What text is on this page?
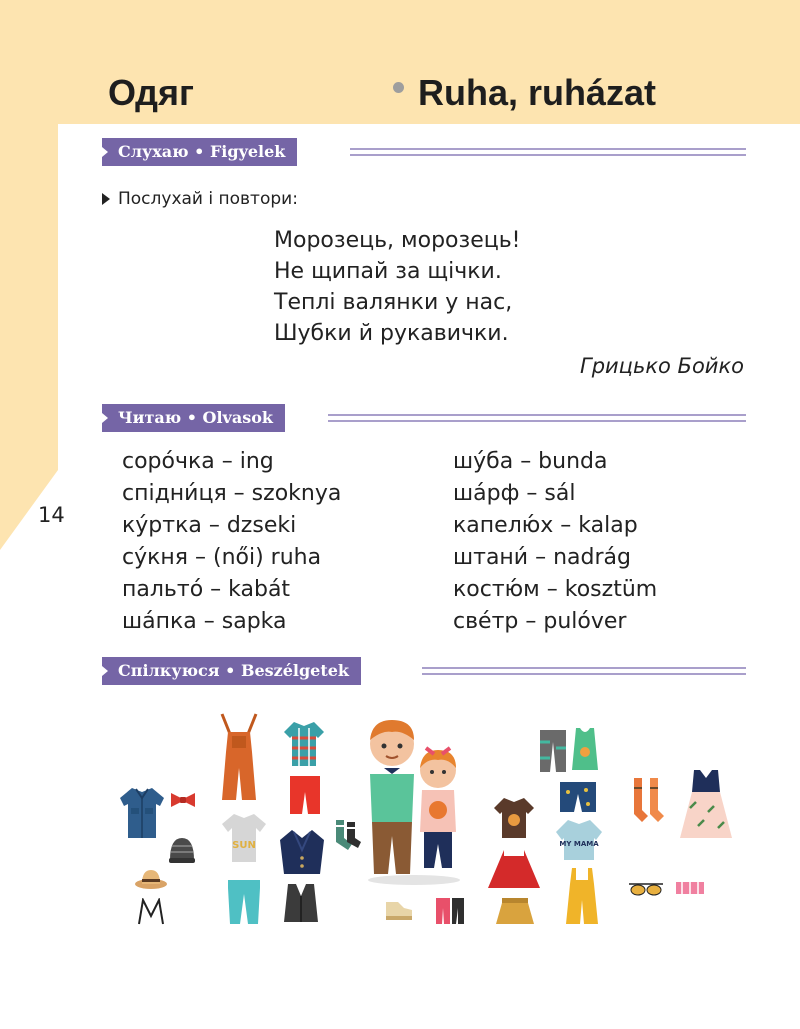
14
Одяг	Ruha, ruházat
Слухаю • Figyelek
Послухай і повтори:
Морозець, морозець!
Не щипай за щічки.
Теплі валянки у нас,
Шубки й рукавички.
Грицько Бойко
Читаю • Olvasok
соро́чка – ing
спідни́ця – szoknya
ку́ртка – dzseki
су́кня – (női) ruha
пальто́ – kabát
ша́пка – sapka
шу́ба – bunda
ша́рф – sál
капелю́х – kalap
штани́ – nadrág
костю́м – kosztüm
све́тр – pulóver
Спілкуюся • Beszélgetek
SUN	MY MAMA
